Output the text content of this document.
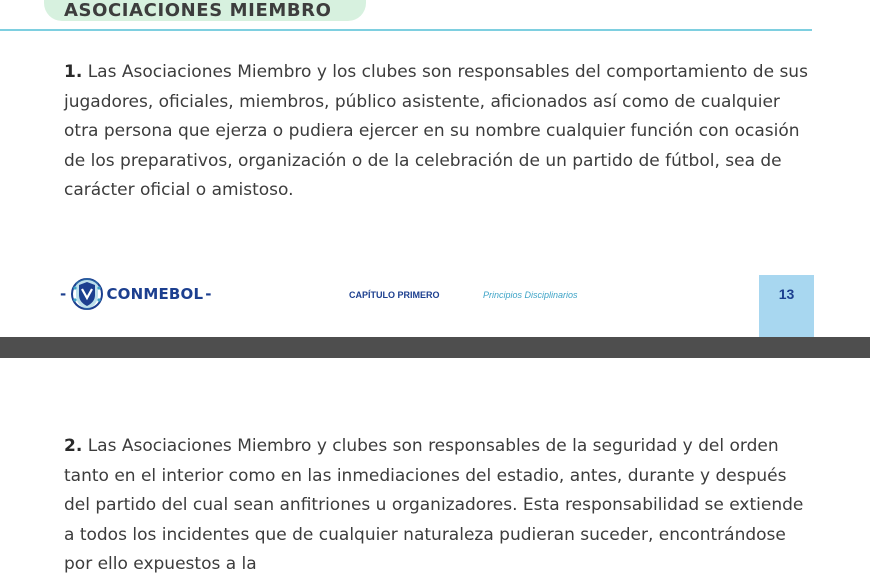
ASOCIACIONES MIEMBRO

1. Las Asociaciones Miembro y los clubes son responsables del comportamiento de sus jugadores, oficiales, miembros, público asistente, aficionados así como de cualquier otra persona que ejerza o pudiera ejercer en su nombre cualquier función con ocasión de los preparativos, organización o de la celebración de un partido de fútbol, sea de carácter oficial o amistoso.

-	CONMEBOL -	CAPÍTULO PRIMERO	Principios Disciplinarios	13

2. Las Asociaciones Miembro y clubes son responsables de la seguridad y del orden tanto en el interior como en las inmediaciones del estadio, antes, durante y después del partido del cual sean anfitriones u organizadores. Esta responsabilidad se extiende a todos los incidentes que de cualquier naturaleza pudieran suceder, encontrándose por ello expuestos a la
